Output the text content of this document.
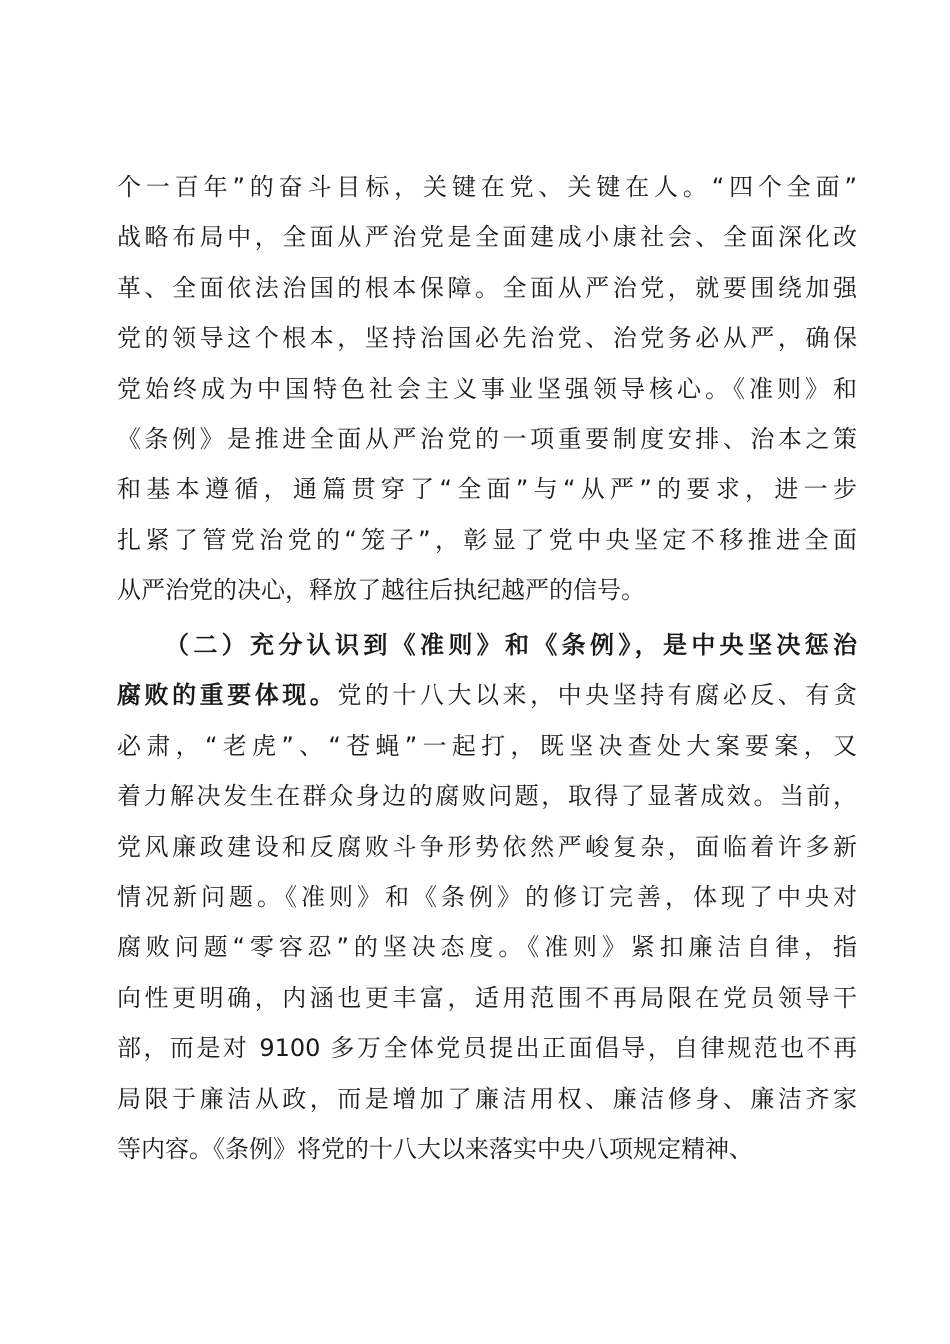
个一百年”的奋斗目标，关键在党、关键在人。“四个全面”
战略布局中，全面从严治党是全面建成小康社会、全面深化改
革、全面依法治国的根本保障。全面从严治党，就要围绕加强
党的领导这个根本，坚持治国必先治党、治党务必从严，确保
党始终成为中国特色社会主义事业坚强领导核心。《准则》和
《条例》是推进全面从严治党的一项重要制度安排、治本之策
和基本遵循，通篇贯穿了“全面”与“从严”的要求，进一步
扎紧了管党治党的“笼子”，彰显了党中央坚定不移推进全面
从严治党的决心，释放了越往后执纪越严的信号。
（二）充分认识到《准则》和《条例》，是中央坚决惩治
腐败的重要体现。党的十八大以来，中央坚持有腐必反、有贪
必肃，“老虎”、“苍蝇”一起打，既坚决查处大案要案，又
着力解决发生在群众身边的腐败问题，取得了显著成效。当前，
党风廉政建设和反腐败斗争形势依然严峻复杂，面临着许多新
情况新问题。《准则》和《条例》的修订完善，体现了中央对
腐败问题“零容忍”的坚决态度。《准则》紧扣廉洁自律，指
向性更明确，内涵也更丰富，适用范围不再局限在党员领导干
部，而是对 9100 多万全体党员提出正面倡导，自律规范也不再
局限于廉洁从政，而是增加了廉洁用权、廉洁修身、廉洁齐家
等内容。《条例》将党的十八大以来落实中央八项规定精神、
